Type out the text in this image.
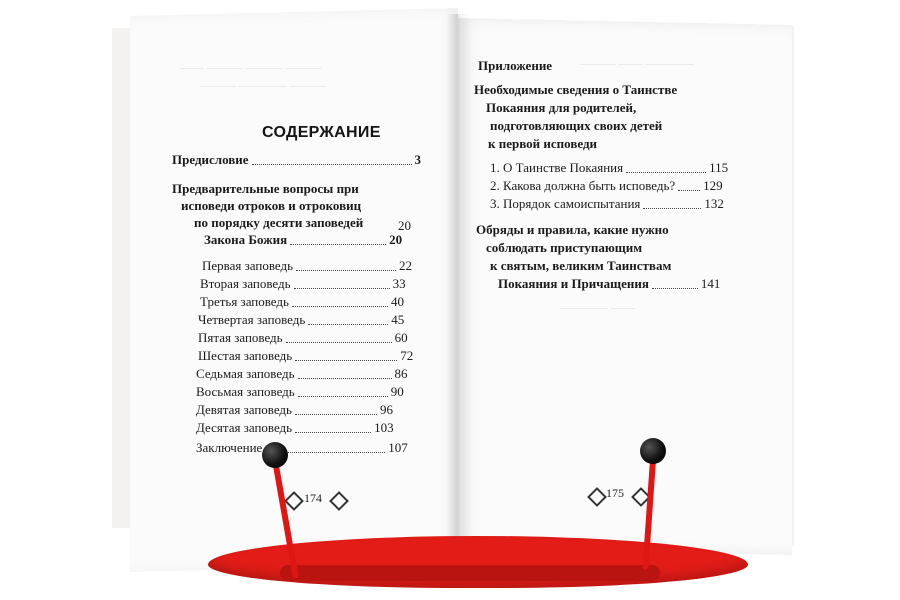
—— ——— ——— ———
——— ———— ———
——— —— ————
———— ——
СОДЕРЖАНИЕ
Предисловие	3
Предварительные вопросы при
исповеди отроков и отроковиц
по порядку десяти заповедей	20
Закона Божия	20
Первая заповедь	22
Вторая заповедь	33
Третья заповедь	40
Четвертая заповедь	45
Пятая заповедь	60
Шестая заповедь	72
Седьмая заповедь	86
Восьмая заповедь	90
Девятая заповедь	96
Десятая заповедь	103
Заключение	107
174
Приложение
Необходимые сведения о Таинстве
Покаяния для родителей,
подготовляющих своих детей
к первой исповеди
1. О Таинстве Покаяния	115
2. Какова должна быть исповедь? 129
3. Порядок самоиспытания	132
Обряды и правила, какие нужно
соблюдать приступающим
к святым, великим Таинствам
Покаяния и Причащения	141
175
